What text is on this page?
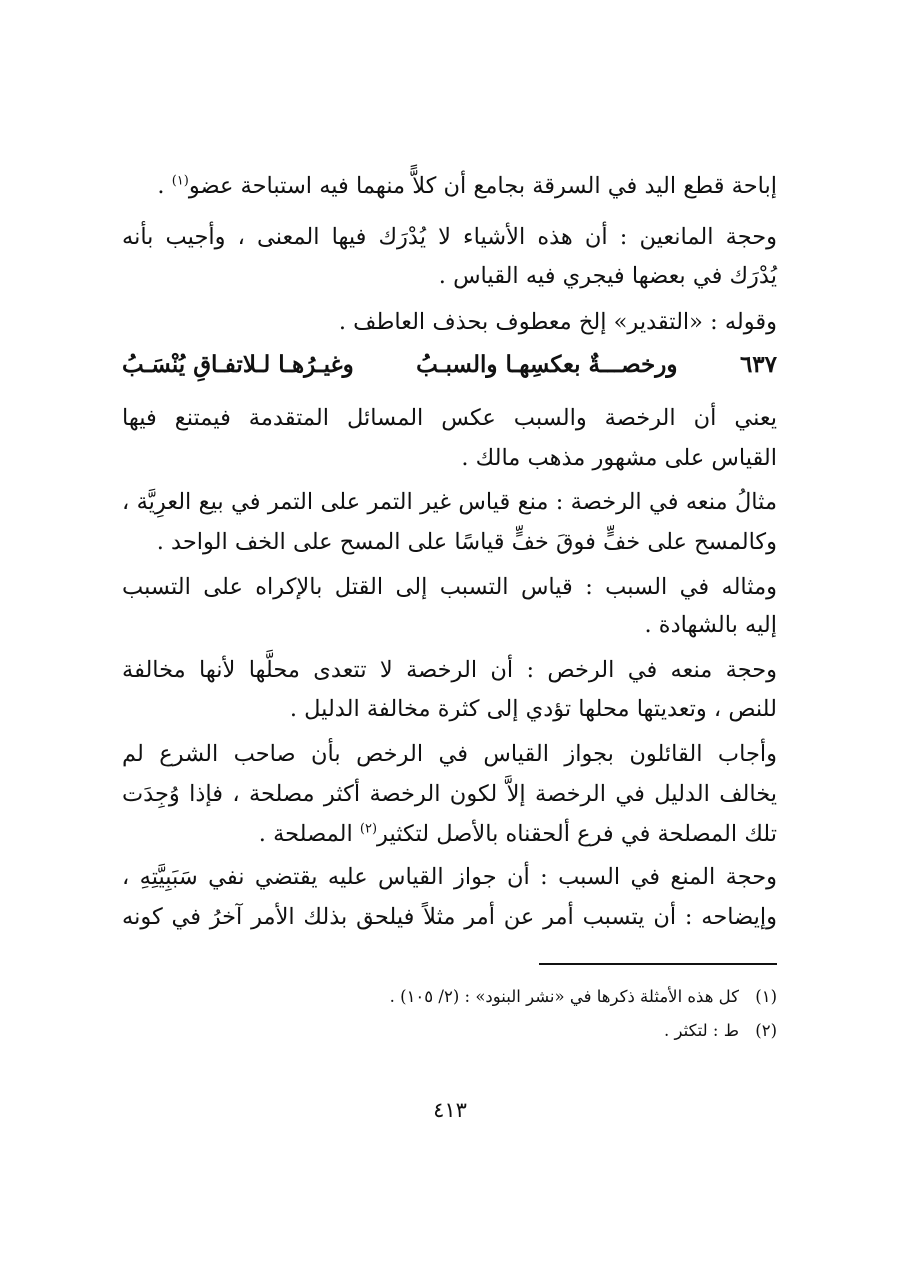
إباحة قطع اليد في السرقة بجامع أن كلاًّ منهما فيه استباحة عضو$^{(١)}$ .
وحجة المانعين : أن هذه الأشياء لا يُدْرَك فيها المعنى ، وأجيب بأنه
يُدْرَك في بعضها فيجري فيه القياس .
وقوله : «التقدير» إلخ معطوف بحذف العاطف .
٦٣٧
ورخصـــةٌ بعكسِهـا والسبـبُ
وغيـرُهـا لـلاتفـاقِ يُنْسَـبُ
يعني أن الرخصة والسبب عكس المسائل المتقدمة فيمتنع فيها
القياس على مشهور مذهب مالك .
مثالُ منعه في الرخصة : منع قياس غير التمر على التمر في بيع العرِيَّة ،
وكالمسح على خفٍّ فوقَ خفٍّ قياسًا على المسح على الخف الواحد .
ومثاله في السبب : قياس التسبب إلى القتل بالإكراه على التسبب
إليه بالشهادة .
وحجة منعه في الرخص : أن الرخصة لا تتعدى محلَّها لأنها مخالفة
للنص ، وتعديتها محلها تؤدي إلى كثرة مخالفة الدليل .
وأجاب القائلون بجواز القياس في الرخص بأن صاحب الشرع لم
يخالف الدليل في الرخصة إلاَّ لكون الرخصة أكثر مصلحة ، فإذا وُجِدَت
تلك المصلحة في فرع ألحقناه بالأصل لتكثير$^{(٢)}$ المصلحة .
وحجة المنع في السبب : أن جواز القياس عليه يقتضي نفي سَبَبِيَّتِهِ ،
وإيضاحه : أن يتسبب أمر عن أمر مثلاً فيلحق بذلك الأمر آخرُ في كونه
(١)كل هذه الأمثلة ذكرها في «نشر البنود» : (٢/ ١٠٥) .
(٢)ط : لتكثر .
٤١٣
